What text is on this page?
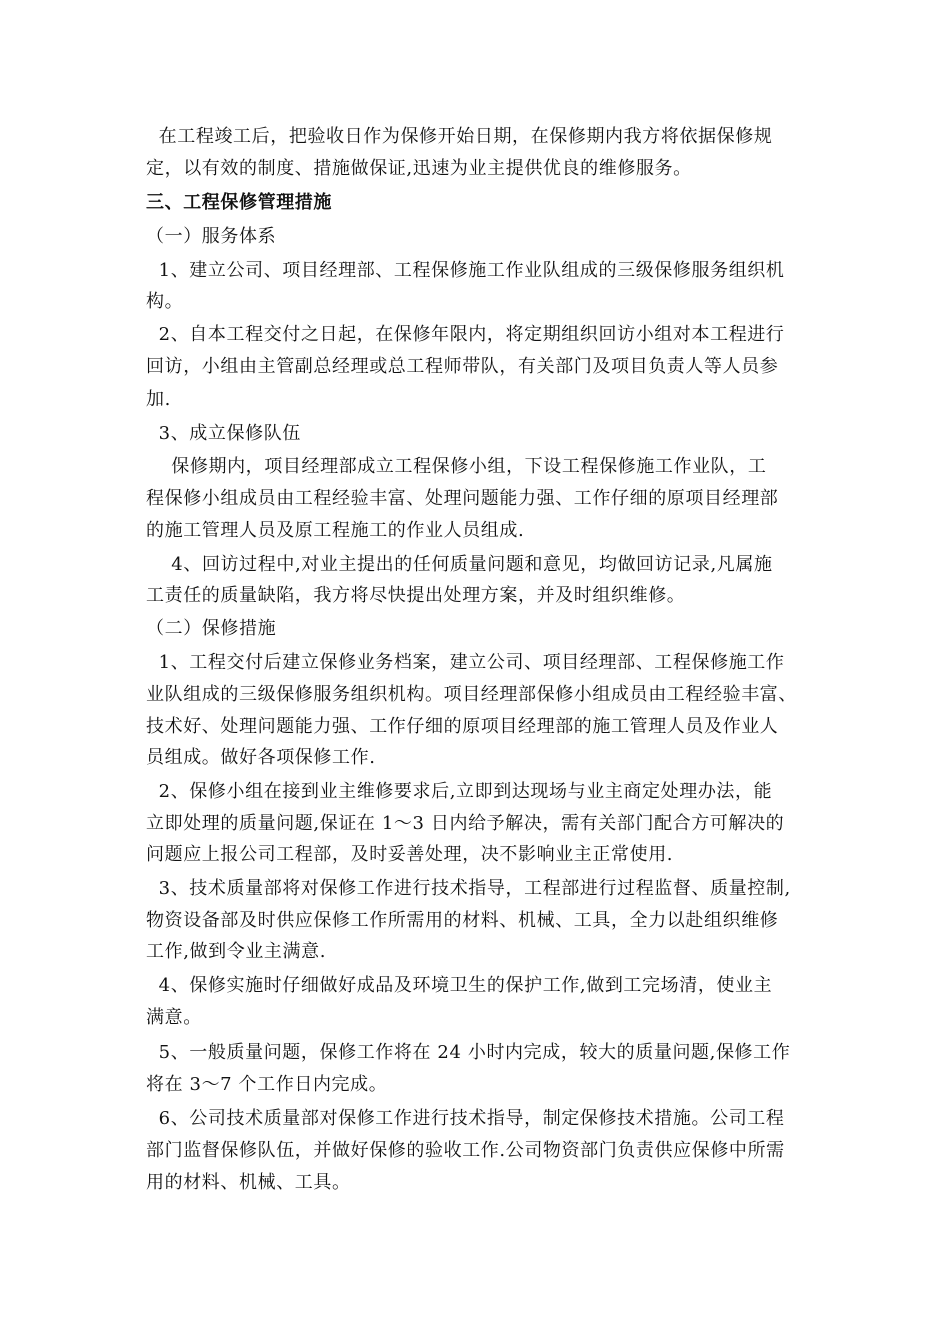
在工程竣工后，把验收日作为保修开始日期，在保修期内我方将依据保修规
定，以有效的制度、措施做保证,迅速为业主提供优良的维修服务。
三、工程保修管理措施
（一）服务体系
1、建立公司、项目经理部、工程保修施工作业队组成的三级保修服务组织机
构。
2、自本工程交付之日起，在保修年限内，将定期组织回访小组对本工程进行
回访，小组由主管副总经理或总工程师带队，有关部门及项目负责人等人员参
加.
3、成立保修队伍
保修期内，项目经理部成立工程保修小组，下设工程保修施工作业队，工
程保修小组成员由工程经验丰富、处理问题能力强、工作仔细的原项目经理部
的施工管理人员及原工程施工的作业人员组成.
4、回访过程中,对业主提出的任何质量问题和意见，均做回访记录,凡属施
工责任的质量缺陷，我方将尽快提出处理方案，并及时组织维修。
（二）保修措施
1、工程交付后建立保修业务档案，建立公司、项目经理部、工程保修施工作
业队组成的三级保修服务组织机构。项目经理部保修小组成员由工程经验丰富、
技术好、处理问题能力强、工作仔细的原项目经理部的施工管理人员及作业人
员组成。做好各项保修工作.
2、保修小组在接到业主维修要求后,立即到达现场与业主商定处理办法，能
立即处理的质量问题,保证在 1～3 日内给予解决，需有关部门配合方可解决的
问题应上报公司工程部，及时妥善处理，决不影响业主正常使用.
3、技术质量部将对保修工作进行技术指导，工程部进行过程监督、质量控制,
物资设备部及时供应保修工作所需用的材料、机械、工具，全力以赴组织维修
工作,做到令业主满意.
4、保修实施时仔细做好成品及环境卫生的保护工作,做到工完场清，使业主
满意。
5、一般质量问题，保修工作将在 24 小时内完成，较大的质量问题,保修工作
将在 3～7 个工作日内完成。
6、公司技术质量部对保修工作进行技术指导，制定保修技术措施。公司工程
部门监督保修队伍，并做好保修的验收工作.公司物资部门负责供应保修中所需
用的材料、机械、工具。
